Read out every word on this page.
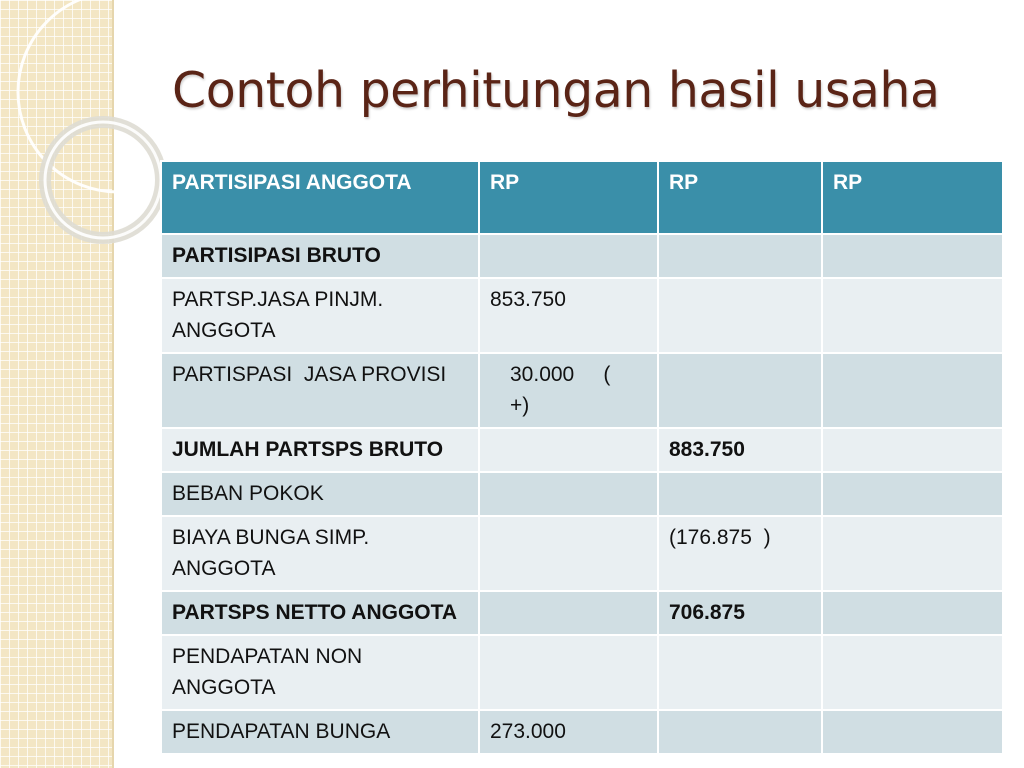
Contoh perhitungan hasil usaha
PARTISIPASI ANGGOTA	RP	RP	RP
PARTISIPASI BRUTO			
PARTSP.JASA PINJM. ANGGOTA	853.750		
PARTISPASI  JASA PROVISI	30.000     (
+)		
JUMLAH PARTSPS BRUTO		883.750	
BEBAN POKOK			
BIAYA BUNGA SIMP. ANGGOTA		(176.875  )	
PARTSPS NETTO ANGGOTA		706.875	
PENDAPATAN NON ANGGOTA			
PENDAPATAN BUNGA	273.000		
